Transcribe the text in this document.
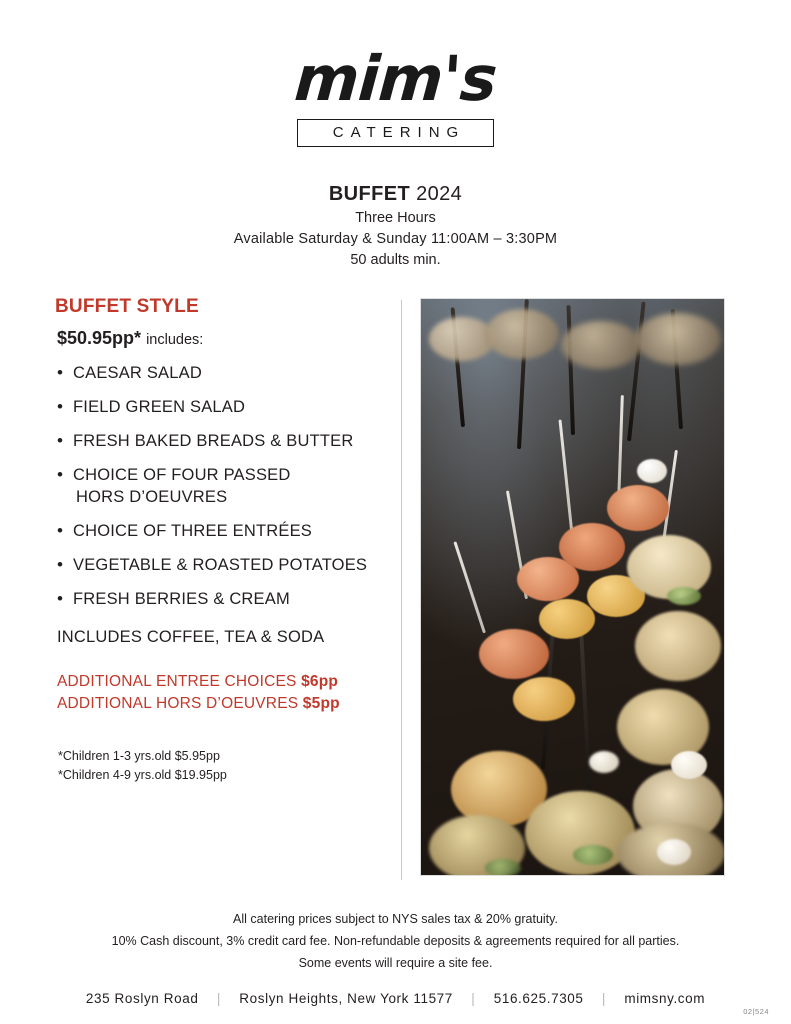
mim's
CATERING
BUFFET 2024
Three Hours
Available Saturday & Sunday 11:00AM – 3:30PM
50 adults min.
BUFFET STYLE
$50.95pp* includes:
• CAESAR SALAD
• FIELD GREEN SALAD
• FRESH BAKED BREADS & BUTTER
• CHOICE OF FOUR PASSED
HORS D’OEUVRES
• CHOICE OF THREE ENTRÉES
• VEGETABLE & ROASTED POTATOES
• FRESH BERRIES & CREAM
INCLUDES COFFEE, TEA & SODA
ADDITIONAL ENTREE CHOICES $6pp
ADDITIONAL HORS D’OEUVRES $5pp
*Children 1-3 yrs.old $5.95pp
*Children 4-9 yrs.old $19.95pp
All catering prices subject to NYS sales tax & 20% gratuity.
10% Cash discount, 3% credit card fee. Non-refundable deposits & agreements required for all parties.
Some events will require a site fee.
235 Roslyn Road | Roslyn Heights, New York 11577 | 516.625.7305 | mimsny.com
02|524
